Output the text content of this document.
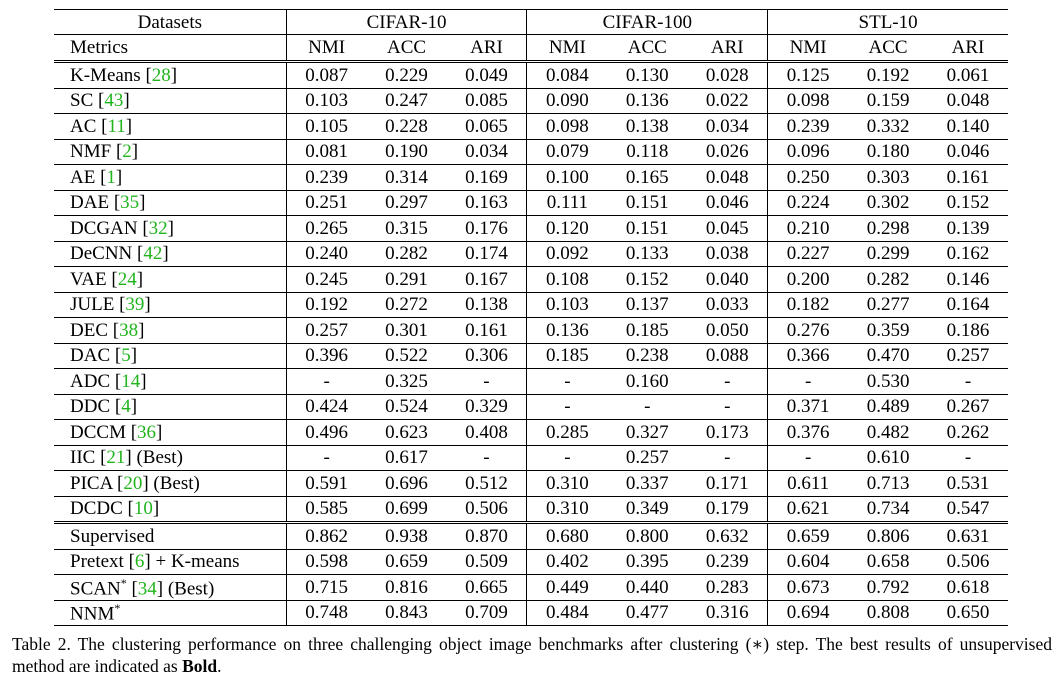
Datasets	CIFAR-10			CIFAR-100			STL-10		
Metrics	NMI	ACC	ARI	NMI	ACC	ARI	NMI	ACC	ARI
K-Means [28]	0.087	0.229	0.049	0.084	0.130	0.028	0.125	0.192	0.061
SC [43]	0.103	0.247	0.085	0.090	0.136	0.022	0.098	0.159	0.048
AC [11]	0.105	0.228	0.065	0.098	0.138	0.034	0.239	0.332	0.140
NMF [2]	0.081	0.190	0.034	0.079	0.118	0.026	0.096	0.180	0.046
AE [1]	0.239	0.314	0.169	0.100	0.165	0.048	0.250	0.303	0.161
DAE [35]	0.251	0.297	0.163	0.111	0.151	0.046	0.224	0.302	0.152
DCGAN [32]	0.265	0.315	0.176	0.120	0.151	0.045	0.210	0.298	0.139
DeCNN [42]	0.240	0.282	0.174	0.092	0.133	0.038	0.227	0.299	0.162
VAE [24]	0.245	0.291	0.167	0.108	0.152	0.040	0.200	0.282	0.146
JULE [39]	0.192	0.272	0.138	0.103	0.137	0.033	0.182	0.277	0.164
DEC [38]	0.257	0.301	0.161	0.136	0.185	0.050	0.276	0.359	0.186
DAC [5]	0.396	0.522	0.306	0.185	0.238	0.088	0.366	0.470	0.257
ADC [14]	-	0.325	-	-	0.160	-	-	0.530	-
DDC [4]	0.424	0.524	0.329	-	-	-	0.371	0.489	0.267
DCCM [36]	0.496	0.623	0.408	0.285	0.327	0.173	0.376	0.482	0.262
IIC [21] (Best)	-	0.617	-	-	0.257	-	-	0.610	-
PICA [20] (Best)	0.591	0.696	0.512	0.310	0.337	0.171	0.611	0.713	0.531
DCDC [10]	0.585	0.699	0.506	0.310	0.349	0.179	0.621	0.734	0.547
Supervised	0.862	0.938	0.870	0.680	0.800	0.632	0.659	0.806	0.631
Pretext [6] + K-means	0.598	0.659	0.509	0.402	0.395	0.239	0.604	0.658	0.506
SCAN* [34] (Best)	0.715	0.816	0.665	0.449	0.440	0.283	0.673	0.792	0.618
NNM*	0.748	0.843	0.709	0.484	0.477	0.316	0.694	0.808	0.650
Table 2. The clustering performance on three challenging object image benchmarks after clustering (∗) step. The best results of unsupervised method are indicated as Bold.
